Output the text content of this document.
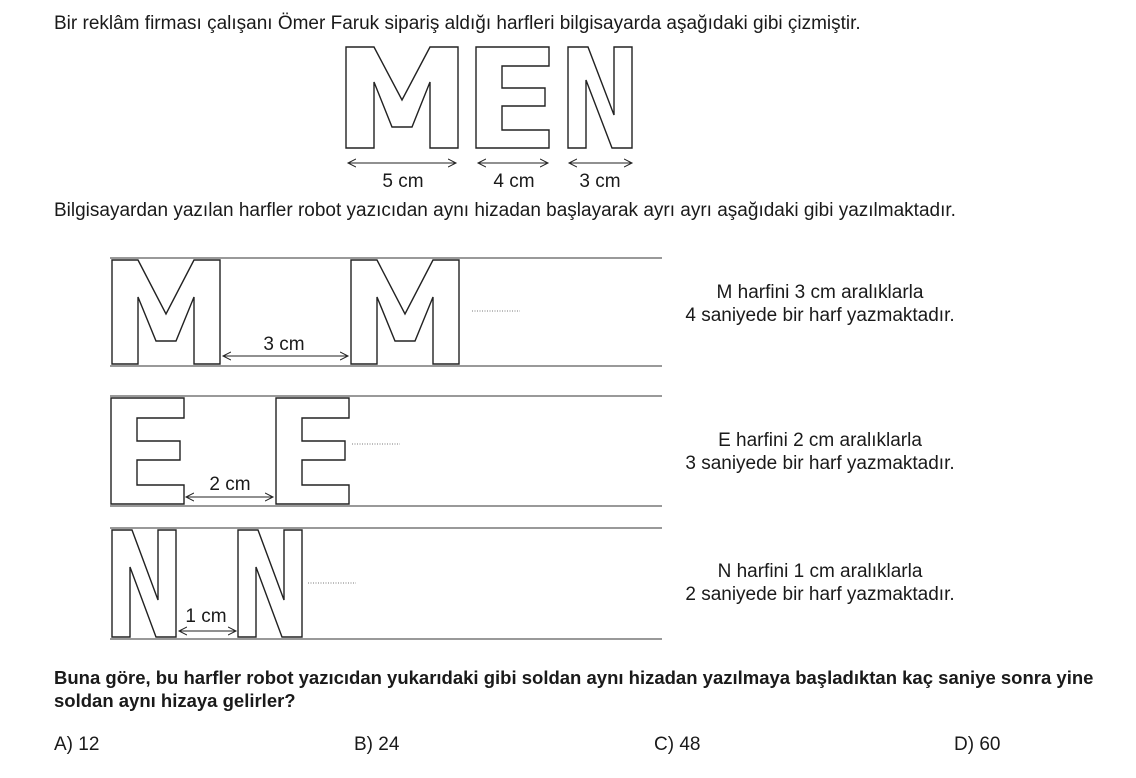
5 cm	4 cm 3 cm
3 cm
2 cm
1 cm
Bir reklâm firması çalışanı Ömer Faruk sipariş aldığı harfleri bilgisayarda aşağıdaki gibi çizmiştir.
Bilgisayardan yazılan harfler robot yazıcıdan aynı hizadan başlayarak ayrı ayrı aşağıdaki gibi yazılmaktadır.
M harfini 3 cm aralıklarla
4 saniyede bir harf yazmaktadır.
E harfini 2 cm aralıklarla
3 saniyede bir harf yazmaktadır.
N harfini 1 cm aralıklarla
2 saniyede bir harf yazmaktadır.
Buna göre, bu harfler robot yazıcıdan yukarıdaki gibi soldan aynı hizadan yazılmaya başladıktan kaç saniye sonra yine soldan aynı hizaya gelirler?
A) 12	B) 24	C) 48	D) 60
